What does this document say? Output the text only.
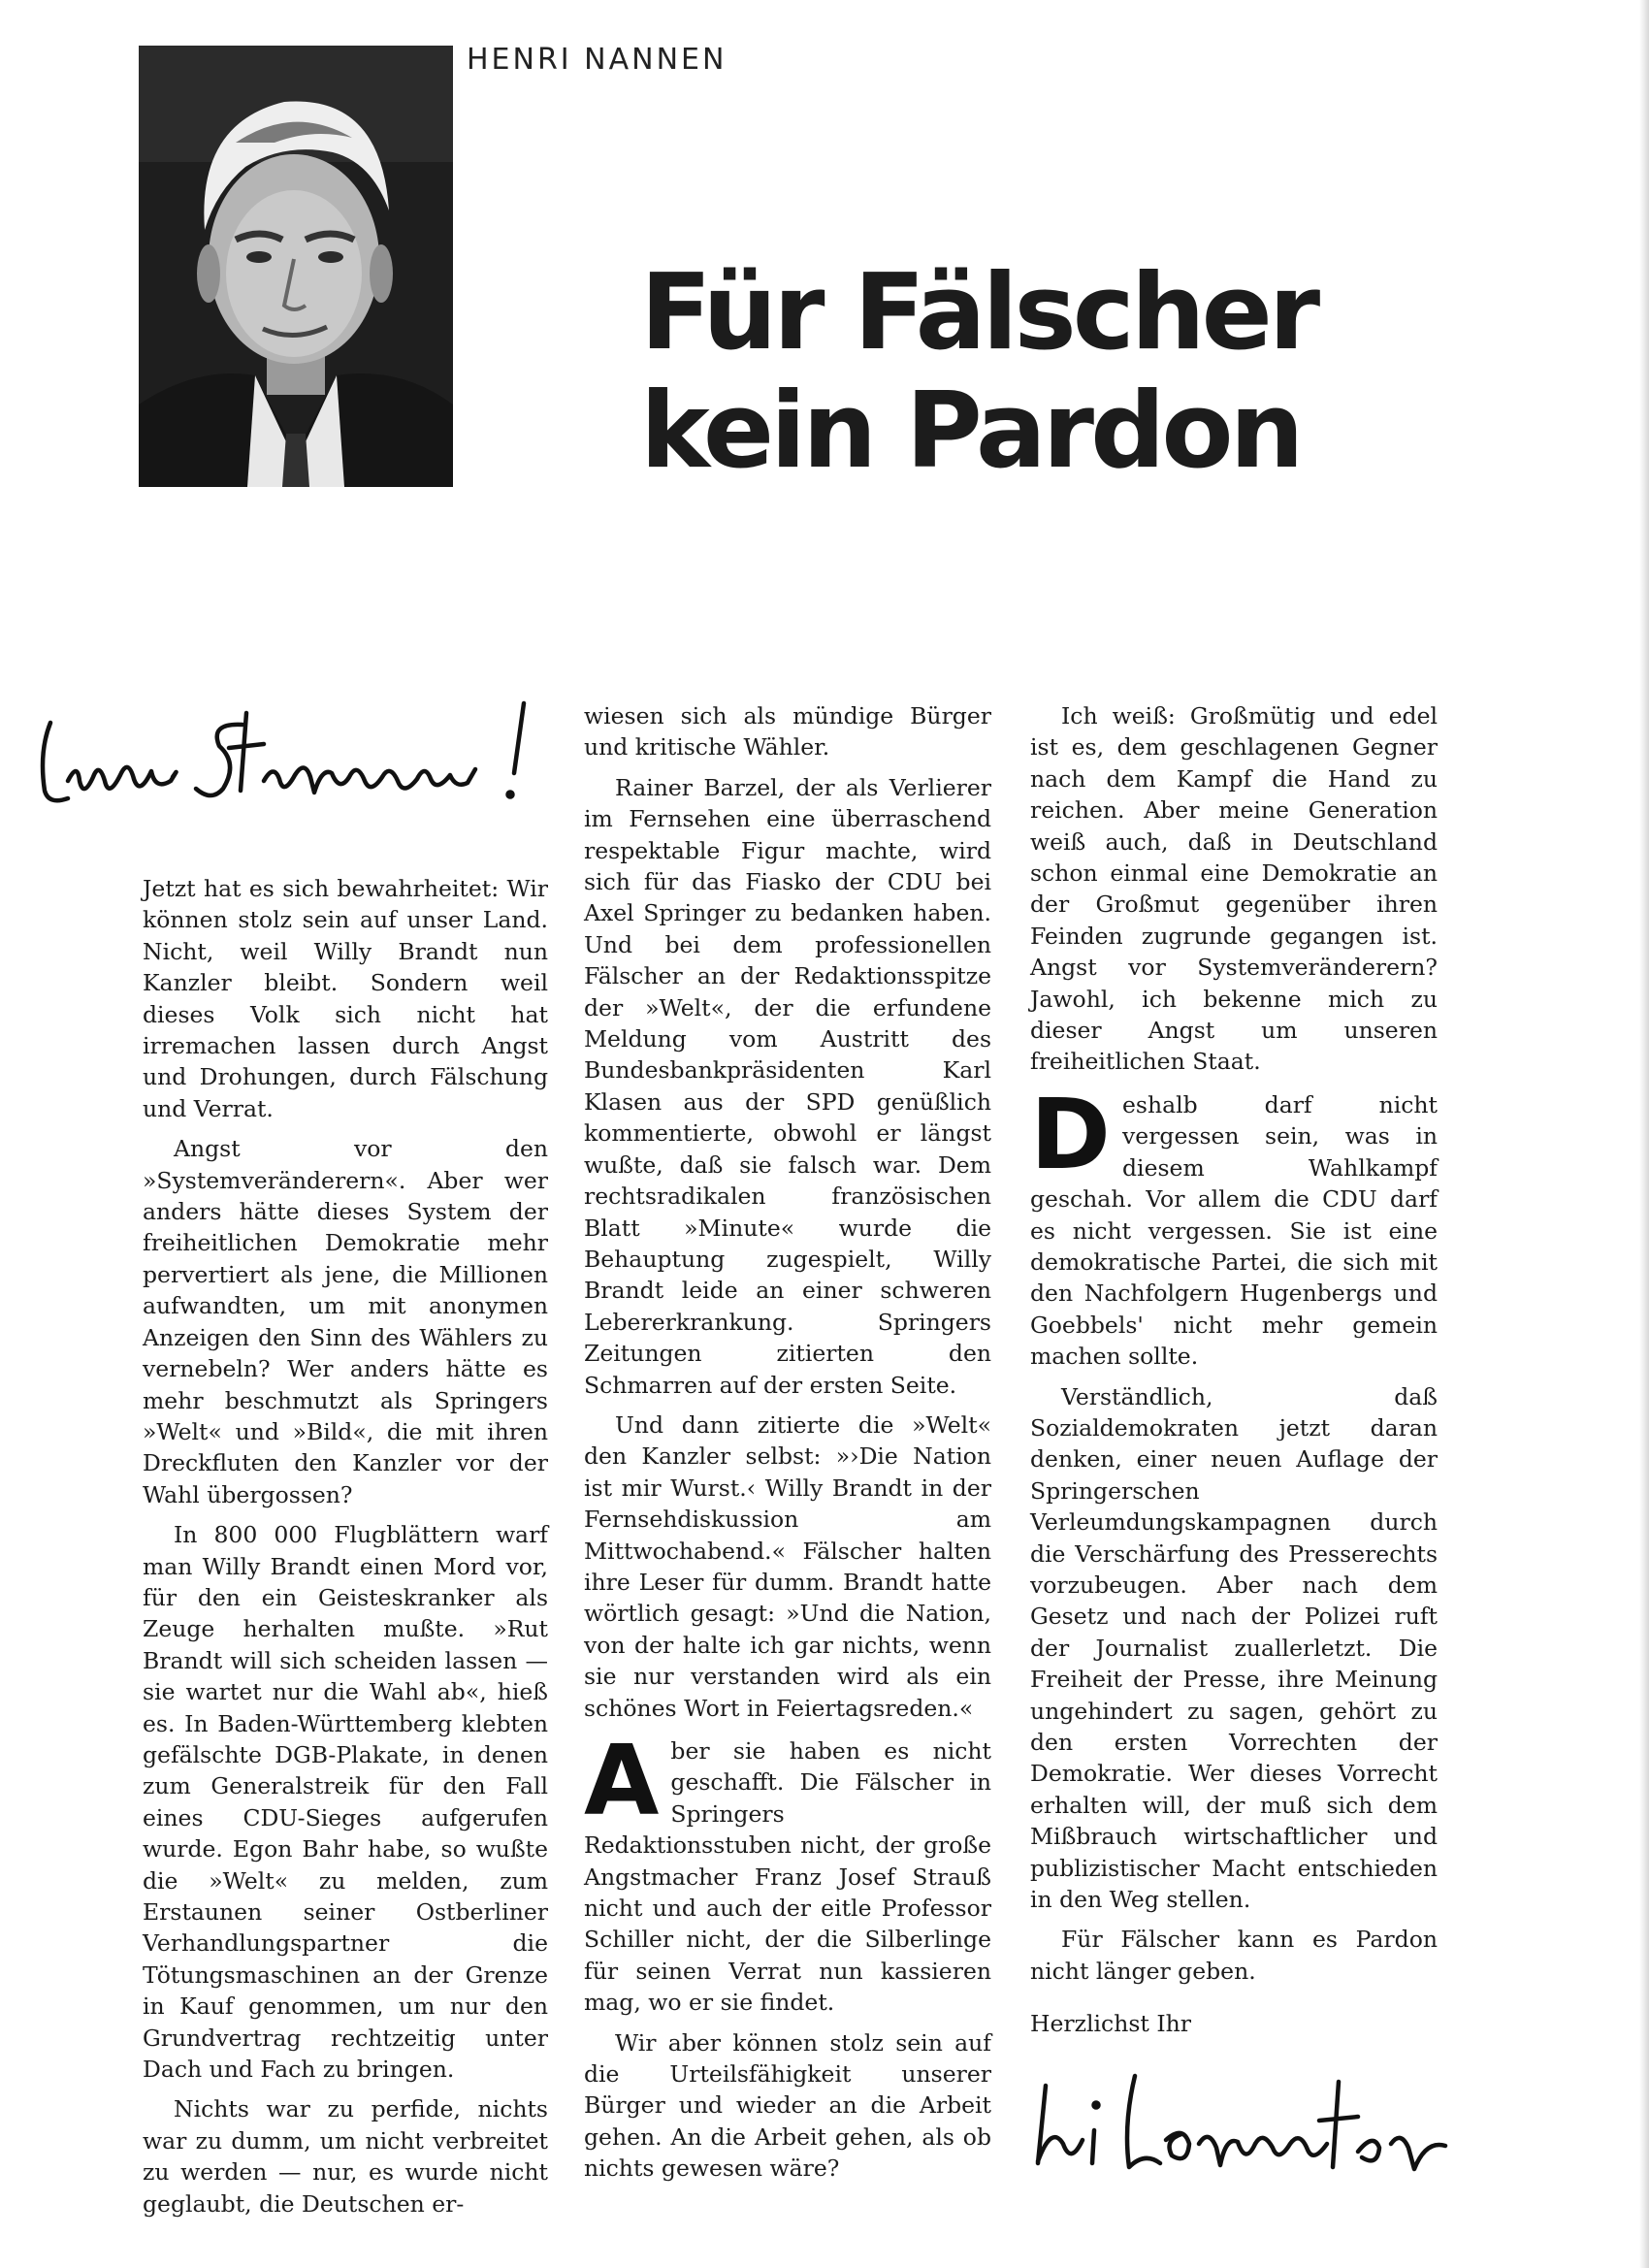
HENRI NANNEN
Für Fälscher
kein Pardon

Jetzt hat es sich bewahrheitet: Wir können stolz sein auf unser Land. Nicht, weil Willy Brandt nun Kanzler bleibt. Sondern weil dieses Volk sich nicht hat irremachen lassen durch Angst und Drohungen, durch Fälschung und Verrat.

Angst vor den »Systemveränderern«. Aber wer anders hätte dieses System der freiheitlichen Demokratie mehr pervertiert als jene, die Millionen aufwandten, um mit anonymen Anzeigen den Sinn des Wählers zu vernebeln? Wer anders hätte es mehr beschmutzt als Springers »Welt« und »Bild«, die mit ihren Dreckfluten den Kanzler vor der Wahl übergossen?

In 800 000 Flugblättern warf man Willy Brandt einen Mord vor, für den ein Geisteskranker als Zeuge herhalten mußte. »Rut Brandt will sich scheiden lassen — sie wartet nur die Wahl ab«, hieß es. In Baden-Württemberg klebten gefälschte DGB-Plakate, in denen zum Generalstreik für den Fall eines CDU-Sieges aufgerufen wurde. Egon Bahr habe, so wußte die »Welt« zu melden, zum Erstaunen seiner Ostberliner Verhandlungspartner die Tötungsmaschinen an der Grenze in Kauf genommen, um nur den Grundvertrag rechtzeitig unter Dach und Fach zu bringen.

Nichts war zu perfide, nichts war zu dumm, um nicht verbreitet zu werden — nur, es wurde nicht geglaubt, die Deutschen er-

wiesen sich als mündige Bürger und kritische Wähler.

Rainer Barzel, der als Verlierer im Fernsehen eine überraschend respektable Figur machte, wird sich für das Fiasko der CDU bei Axel Springer zu bedanken haben. Und bei dem professionellen Fälscher an der Redaktionsspitze der »Welt«, der die erfundene Meldung vom Austritt des Bundesbankpräsidenten Karl Klasen aus der SPD genüßlich kommentierte, obwohl er längst wußte, daß sie falsch war. Dem rechtsradikalen französischen Blatt »Minute« wurde die Behauptung zugespielt, Willy Brandt leide an einer schweren Lebererkrankung. Springers Zeitungen zitierten den Schmarren auf der ersten Seite.

Und dann zitierte die »Welt« den Kanzler selbst: »›Die Nation ist mir Wurst.‹ Willy Brandt in der Fernsehdiskussion am Mittwochabend.« Fälscher halten ihre Leser für dumm. Brandt hatte wörtlich gesagt: »Und die Nation, von der halte ich gar nichts, wenn sie nur verstanden wird als ein schönes Wort in Feiertagsreden.«

Aber sie haben es nicht geschafft. Die Fälscher in Springers Redaktionsstuben nicht, der große Angstmacher Franz Josef Strauß nicht und auch der eitle Professor Schiller nicht, der die Silberlinge für seinen Verrat nun kassieren mag, wo er sie findet.

Wir aber können stolz sein auf die Urteilsfähigkeit unserer Bürger und wieder an die Arbeit gehen. An die Arbeit gehen, als ob nichts gewesen wäre?

Ich weiß: Großmütig und edel ist es, dem geschlagenen Gegner nach dem Kampf die Hand zu reichen. Aber meine Generation weiß auch, daß in Deutschland schon einmal eine Demokratie an der Großmut gegenüber ihren Feinden zugrunde gegangen ist. Angst vor Systemveränderern? Jawohl, ich bekenne mich zu dieser Angst um unseren freiheitlichen Staat.

Deshalb darf nicht vergessen sein, was in diesem Wahlkampf geschah. Vor allem die CDU darf es nicht vergessen. Sie ist eine demokratische Partei, die sich mit den Nachfolgern Hugenbergs und Goebbels' nicht mehr gemein machen sollte.

Verständlich, daß Sozialdemokraten jetzt daran denken, einer neuen Auflage der Springerschen Verleumdungskampagnen durch die Verschärfung des Presserechts vorzubeugen. Aber nach dem Gesetz und nach der Polizei ruft der Journalist zuallerletzt. Die Freiheit der Presse, ihre Meinung ungehindert zu sagen, gehört zu den ersten Vorrechten der Demokratie. Wer dieses Vorrecht erhalten will, der muß sich dem Mißbrauch wirtschaftlicher und publizistischer Macht entschieden in den Weg stellen.

Für Fälscher kann es Pardon nicht länger geben.

Herzlichst Ihr
